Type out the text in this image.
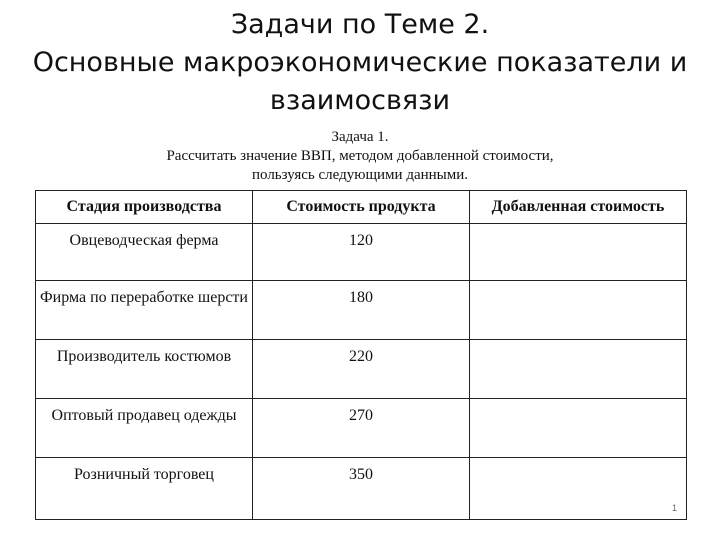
Задачи по Теме 2.
Основные макроэкономические показатели и
взаимосвязи
Задача 1.
Рассчитать значение ВВП, методом добавленной стоимости,
пользуясь следующими данными.
Стадия производства	Стоимость продукта	Добавленная стоимость
Овцеводческая ферма	120	
Фирма по переработке шерсти	180	
Производитель костюмов	220	
Оптовый продавец одежды	270	
Розничный торговец	350	
1
